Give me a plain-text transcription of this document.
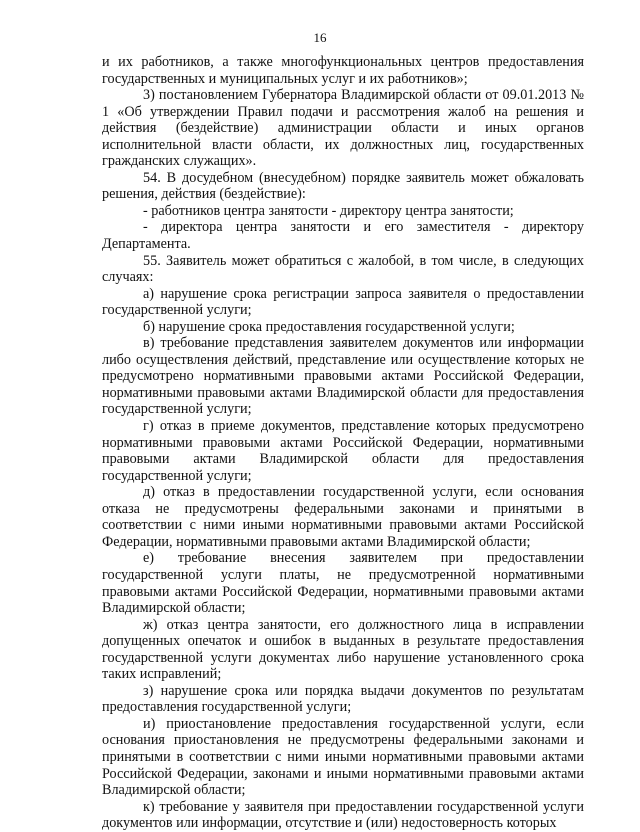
16

и их работников, а также многофункциональных центров предоставления государственных и муниципальных услуг и их работников»;

3) постановлением Губернатора Владимирской области от 09.01.2013 № 1 «Об утверждении Правил подачи и рассмотрения жалоб на решения и действия (бездействие) администрации области и иных органов исполнительной власти области, их должностных лиц, государственных гражданских служащих».

54. В досудебном (внесудебном) порядке заявитель может обжаловать решения, действия (бездействие):

- работников центра занятости - директору центра занятости;

- директора центра занятости и его заместителя - директору Департамента.

55. Заявитель может обратиться с жалобой, в том числе, в следующих случаях:

а) нарушение срока регистрации запроса заявителя о предоставлении государственной услуги;

б) нарушение срока предоставления государственной услуги;

в) требование представления заявителем документов или информации либо осуществления действий, представление или осуществление которых не предусмотрено нормативными правовыми актами Российской Федерации, нормативными правовыми актами Владимирской области для предоставления государственной услуги;

г) отказ в приеме документов, представление которых предусмотрено нормативными правовыми актами Российской Федерации, нормативными правовыми актами Владимирской области для предоставления государственной услуги;

д) отказ в предоставлении государственной услуги, если основания отказа не предусмотрены федеральными законами и принятыми в соответствии с ними иными нормативными правовыми актами Российской Федерации, нормативными правовыми актами Владимирской области;

е) требование внесения заявителем при предоставлении государственной услуги платы, не предусмотренной нормативными правовыми актами Российской Федерации, нормативными правовыми актами Владимирской области;

ж) отказ центра занятости, его должностного лица в исправлении допущенных опечаток и ошибок в выданных в результате предоставления государственной услуги документах либо нарушение установленного срока таких исправлений;

з) нарушение срока или порядка выдачи документов по результатам предоставления государственной услуги;

и) приостановление предоставления государственной услуги, если основания приостановления не предусмотрены федеральными законами и принятыми в соответствии с ними иными нормативными правовыми актами Российской Федерации, законами и иными нормативными правовыми актами Владимирской области;

к) требование у заявителя при предоставлении государственной услуги документов или информации, отсутствие и (или) недостоверность которых
